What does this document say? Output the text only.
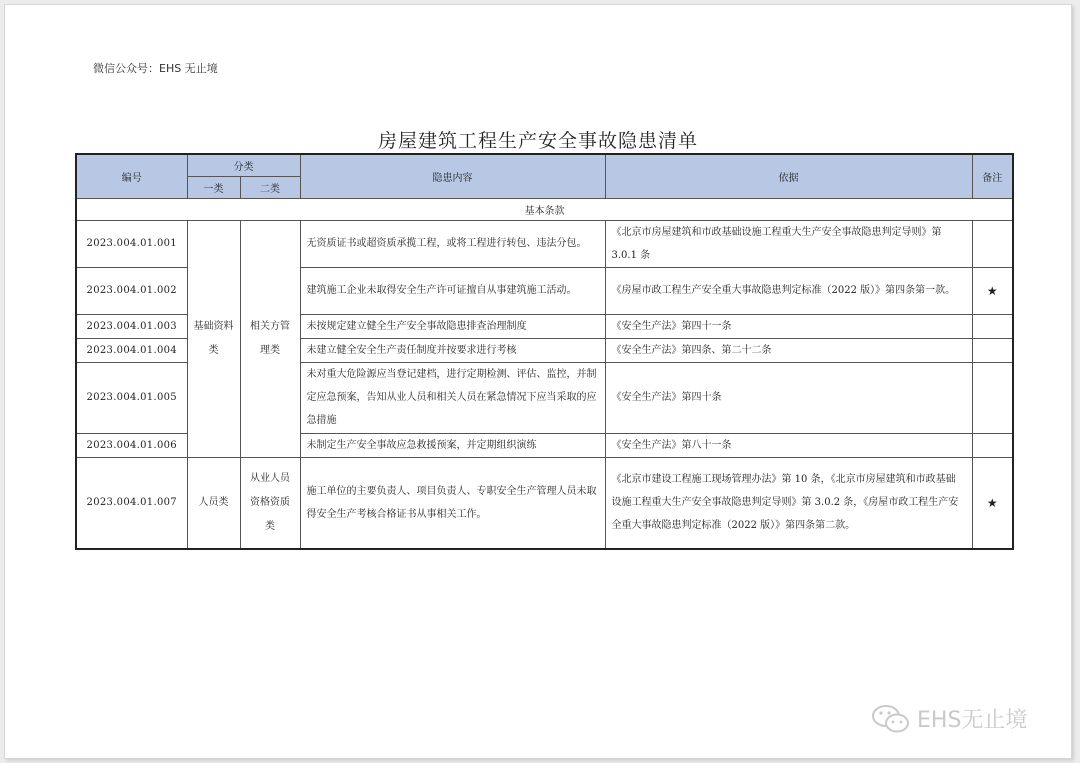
微信公众号：EHS 无止境
房屋建筑工程生产安全事故隐患清单
编号	分类		隐患内容	依据	备注
	一类	二类			
基本条款					
2023.004.01.001	基础资料类	相关方管理类	无资质证书或超资质承揽工程，或将工程进行转包、违法分包。	《北京市房屋建筑和市政基础设施工程重大生产安全事故隐患判定导则》第 3.0.1 条	
2023.004.01.002			建筑施工企业未取得安全生产许可证擅自从事建筑施工活动。	《房屋市政工程生产安全重大事故隐患判定标准（2022 版）》第四条第一款。	★
2023.004.01.003			未按规定建立健全生产安全事故隐患排查治理制度	《安全生产法》第四十一条	
2023.004.01.004			未建立健全安全生产责任制度并按要求进行考核	《安全生产法》第四条、第二十二条	
2023.004.01.005			未对重大危险源应当登记建档，进行定期检测、评估、监控，并制定应急预案，告知从业人员和相关人员在紧急情况下应当采取的应急措施	《安全生产法》第四十条	
2023.004.01.006			未制定生产安全事故应急救援预案，并定期组织演练	《安全生产法》第八十一条	
2023.004.01.007	人员类	从业人员资格资质类	施工单位的主要负责人、项目负责人、专职安全生产管理人员未取得安全生产考核合格证书从事相关工作。	《北京市建设工程施工现场管理办法》第 10 条，《北京市房屋建筑和市政基础设施工程重大生产安全事故隐患判定导则》第 3.0.2 条，《房屋市政工程生产安全重大事故隐患判定标准（2022 版）》第四条第二款。	★
EHS无止境
